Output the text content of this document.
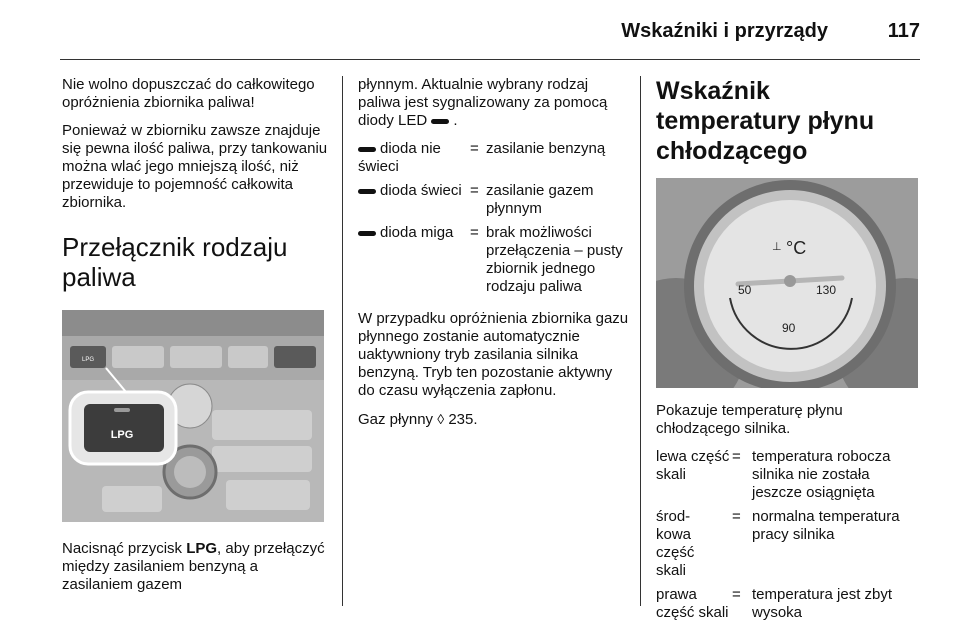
Wskaźniki i przyrządy	117

Nie wolno dopuszczać do całkowitego opróżnienia zbiornika paliwa!

Ponieważ w zbiorniku zawsze znajduje się pewna ilość paliwa, przy tankowaniu można wlać jego mniejszą ilość, niż przewiduje to pojemność całkowita zbiornika.

Przełącznik rodzaju paliwa
LPG
LPG

Nacisnąć przycisk LPG, aby przełączyć między zasilaniem benzyną a zasilaniem gazem

płynnym. Aktualnie wybrany rodzaj paliwa jest sygnalizowany za pomocą diody LED .

dioda nie świeci
= zasilanie benzyną
dioda świeci = zasilanie gazem płynnym
dioda miga	= brak możliwości przełączenia – pusty zbiornik jednego rodzaju paliwa

W przypadku opróżnienia zbiornika gazu płynnego zostanie automatycznie uaktywniony tryb zasilania silnika benzyną. Tryb ten pozostanie aktywny do czasu wyłączenia zapłonu.

Gaz płynny ◊ 235.

Wskaźnik temperatury płynu chłodzącego
⊥ °C
50	130
90

Pokazuje temperaturę płynu chłodzącego silnika.

lewa część skali
= temperatura robocza silnika nie została jeszcze osiągnięta
środ-kowa część skali
= normalna temperatura pracy silnika
prawa część skali
= temperatura jest zbyt wysoka
